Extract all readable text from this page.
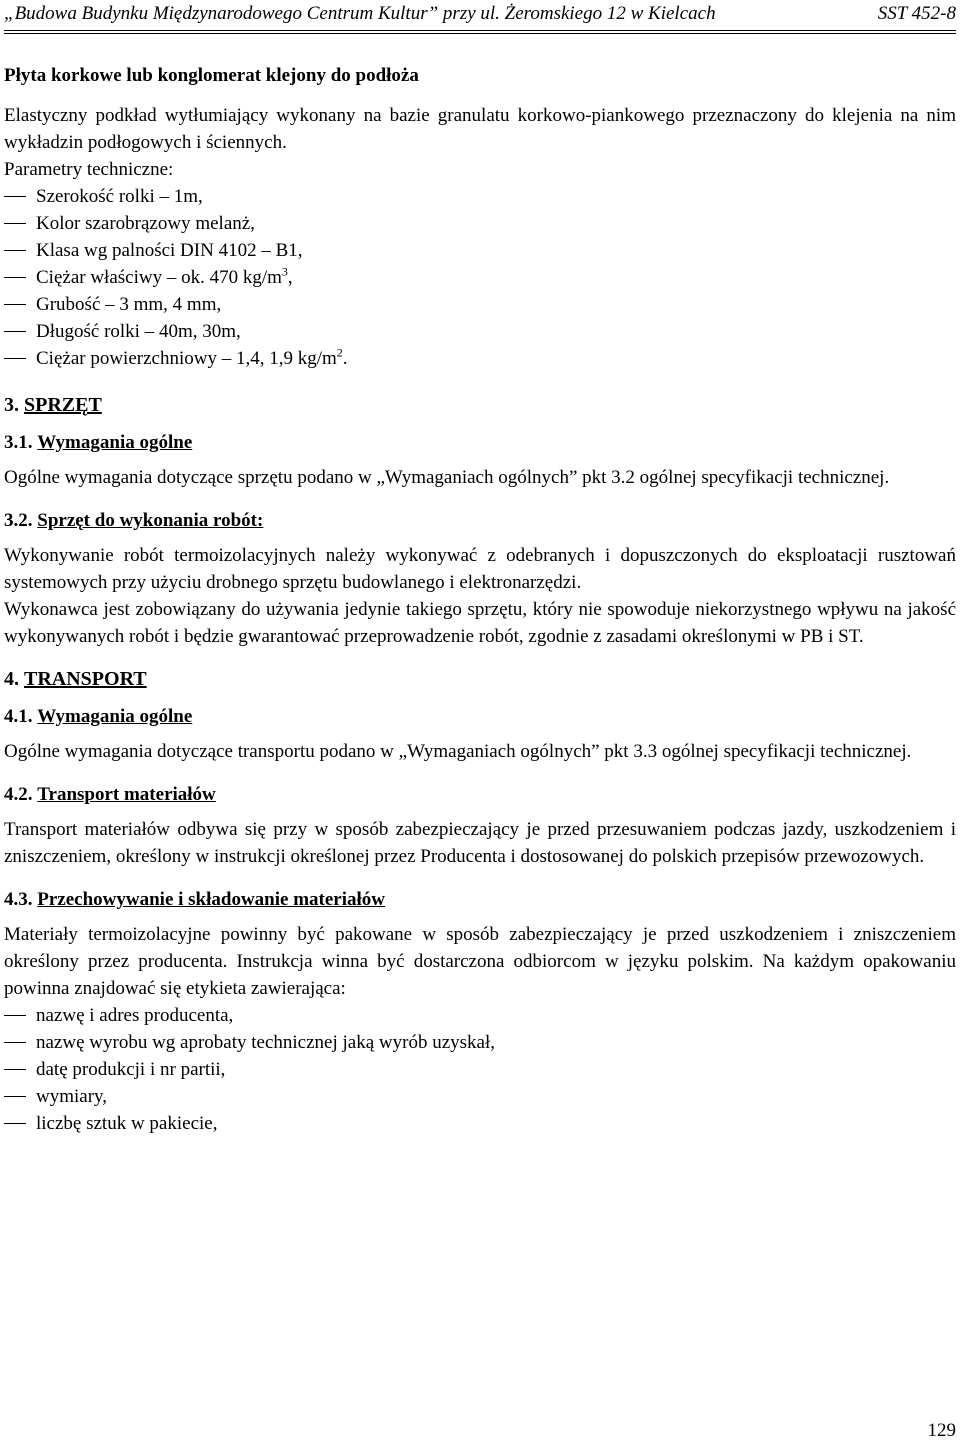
„Budowa Budynku Międzynarodowego Centrum Kultur” przy ul. Żeromskiego 12 w Kielcach	SST 452-8

Płyta korkowe lub konglomerat klejony do podłoża

Elastyczny podkład wytłumiający wykonany na bazie granulatu korkowo-piankowego przeznaczony do klejenia na nim wykładzin podłogowych i ściennych.

Parametry techniczne:

Szerokość rolki – 1m,
Kolor szarobrązowy melanż,
Klasa wg palności DIN 4102 – B1,
Ciężar właściwy – ok. 470 $kg/m^3$,
Grubość – 3 mm, 4 mm,
Długość rolki – 40m, 30m,
Ciężar powierzchniowy – 1,4, 1,9 $kg/m^2$.
3. SPRZĘT
3.1. Wymagania ogólne

Ogólne wymagania dotyczące sprzętu podano w „Wymaganiach ogólnych” pkt 3.2 ogólnej specyfikacji technicznej.

3.2. Sprzęt do wykonania robót:

Wykonywanie robót termoizolacyjnych należy wykonywać z odebranych i dopuszczonych do eksploatacji rusztowań systemowych przy użyciu drobnego sprzętu budowlanego i elektronarzędzi.

Wykonawca jest zobowiązany do używania jedynie takiego sprzętu, który nie spowoduje niekorzystnego wpływu na jakość wykonywanych robót i będzie gwarantować przeprowadzenie robót, zgodnie z zasadami określonymi w PB i ST.

4. TRANSPORT
4.1. Wymagania ogólne

Ogólne wymagania dotyczące transportu podano w „Wymaganiach ogólnych” pkt 3.3 ogólnej specyfikacji technicznej.

4.2. Transport materiałów

Transport materiałów odbywa się przy w sposób zabezpieczający je przed przesuwaniem podczas jazdy, uszkodzeniem i zniszczeniem, określony w instrukcji określonej przez Producenta i dostosowanej do polskich przepisów przewozowych.

4.3. Przechowywanie i składowanie materiałów

Materiały termoizolacyjne powinny być pakowane w sposób zabezpieczający je przed uszkodzeniem i zniszczeniem określony przez producenta. Instrukcja winna być dostarczona odbiorcom w języku polskim. Na każdym opakowaniu powinna znajdować się etykieta zawierająca:

nazwę i adres producenta,
nazwę wyrobu wg aprobaty technicznej jaką wyrób uzyskał,
datę produkcji i nr partii,
wymiary,
liczbę sztuk w pakiecie,
129
